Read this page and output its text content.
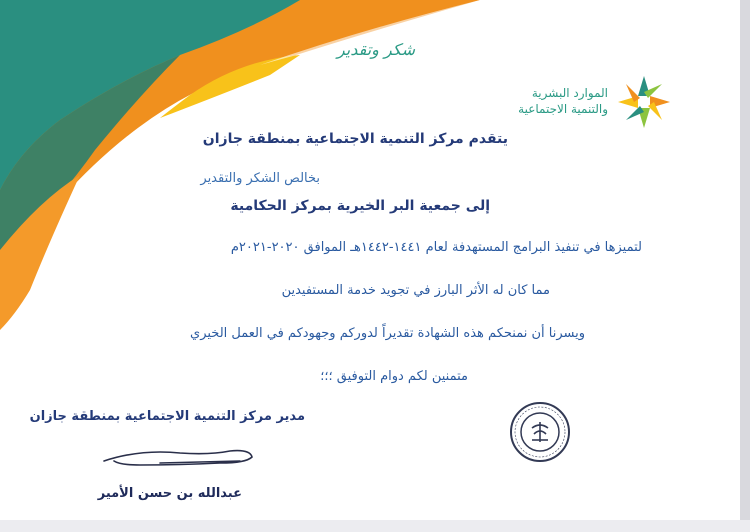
شكر وتقدير
الموارد البشرية
والتنمية الاجتماعية
يتقدم مركز التنمية الاجتماعية بمنطقة جازان
بخالص الشكر والتقدير
إلى جمعية البر الخيرية بمركز الحكامية
لتميزها في تنفيذ البرامج المستهدفة لعام ١٤٤١-١٤٤٢هـ الموافق ٢٠٢٠-٢٠٢١م
مما كان له الأثر البارز في تجويد خدمة المستفيدين
ويسرنا أن نمنحكم هذه الشهادة تقديراً لدوركم وجهودكم في العمل الخيري
متمنين لكم دوام التوفيق ؛؛؛
مدير مركز التنمية الاجتماعية بمنطقة جازان
عبدالله بن حسن الأمير
